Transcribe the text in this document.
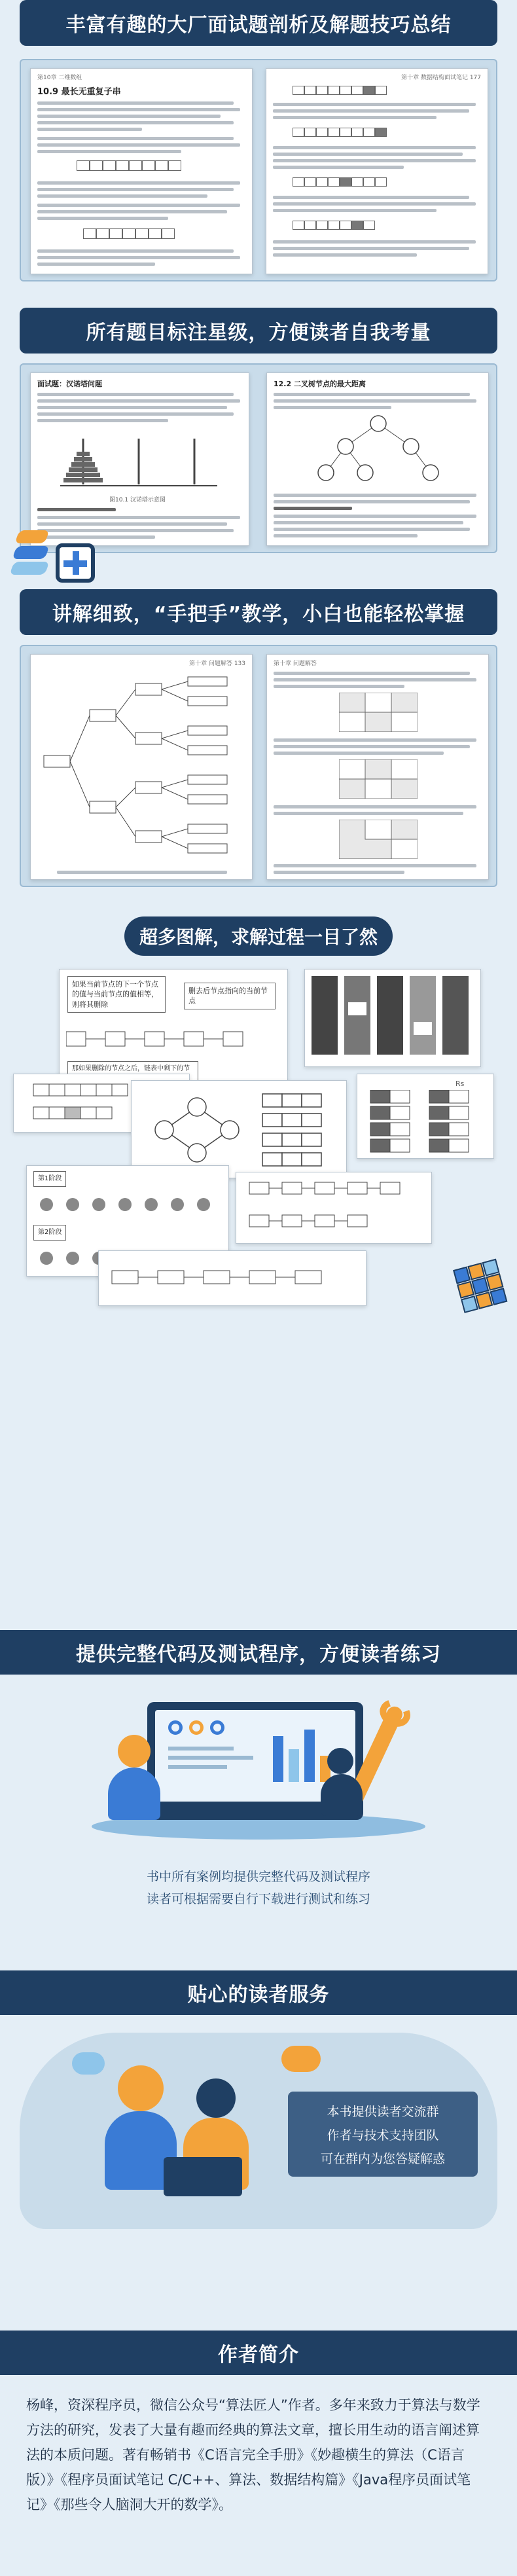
丰富有趣的大厂面试题剖析及解题技巧总结
第10章 二维数组
10.9 最长无重复子串
第十章 数据结构面试笔记 177
所有题目标注星级，方便读者自我考量
面试题：汉诺塔问题
图10.1 汉诺塔示意图
12.2 二叉树节点的最大距离
讲解细致，“手把手”教学，小白也能轻松掌握
第十章 问题解答 133	第十章 问题解答
超多图解，求解过程一目了然
如果当前节点的下一个节点的值与当前节点的值相等，则将其删除
删去后节点指向的当前节点
那如果删除的节点之后，链表中剩下的节
Rs
第1阶段
第2阶段
提供完整代码及测试程序，方便读者练习
书中所有案例均提供完整代码及测试程序
读者可根据需要自行下载进行测试和练习
贴心的读者服务
本书提供读者交流群
作者与技术支持团队
可在群内为您答疑解惑
作者简介
杨峰，资深程序员，微信公众号“算法匠人”作者。多年来致力于算法与数学方法的研究，发表了大量有趣而经典的算法文章，擅长用生动的语言阐述算法的本质问题。著有畅销书《C语言完全手册》《妙趣横生的算法（C语言版）》《程序员面试笔记 C/C++、算法、数据结构篇》《Java程序员面试笔记》《那些令人脑洞大开的数学》。
